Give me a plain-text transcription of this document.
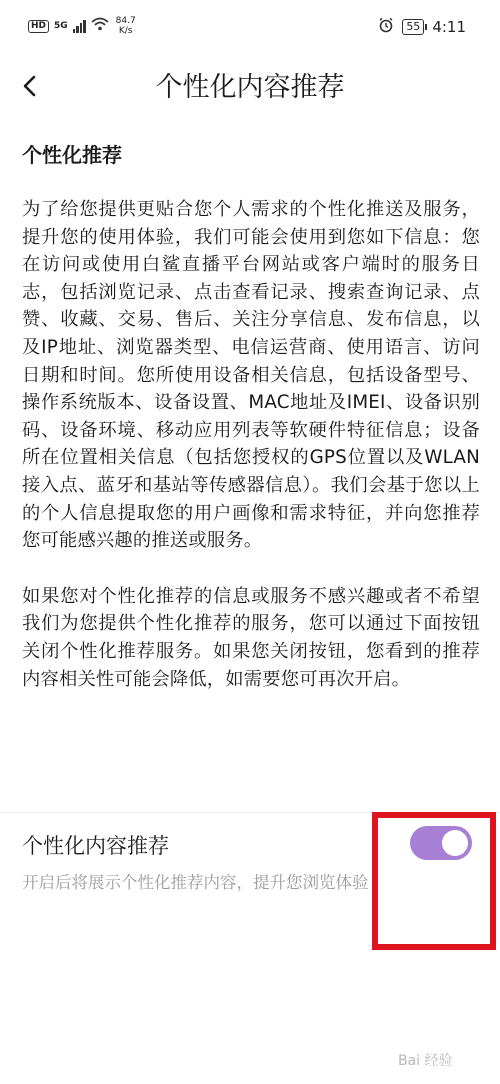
HD 5G	84.7
K/s	55 4:11
个性化内容推荐
个性化推荐

为了给您提供更贴合您个人需求的个性化推送及服务，提升您的使用体验，我们可能会使用到您如下信息：您在访问或使用白鲨直播平台网站或客户端时的服务日志，包括浏览记录、点击查看记录、搜索查询记录、点赞、收藏、交易、售后、关注分享信息、发布信息，以及IP地址、浏览器类型、电信运营商、使用语言、访问日期和时间。您所使用设备相关信息，包括设备型号、操作系统版本、设备设置、MAC地址及IMEI、设备识别码、设备环境、移动应用列表等软硬件特征信息；设备所在位置相关信息（包括您授权的GPS位置以及WLAN接入点、蓝牙和基站等传感器信息）。我们会基于您以上的个人信息提取您的用户画像和需求特征，并向您推荐您可能感兴趣的推送或服务。

如果您对个性化推荐的信息或服务不感兴趣或者不希望我们为您提供个性化推荐的服务，您可以通过下面按钮关闭个性化推荐服务。如果您关闭按钮，您看到的推荐内容相关性可能会降低，如需要您可再次开启。

个性化内容推荐
开启后将展示个性化推荐内容，提升您浏览体验
Bai 经验
